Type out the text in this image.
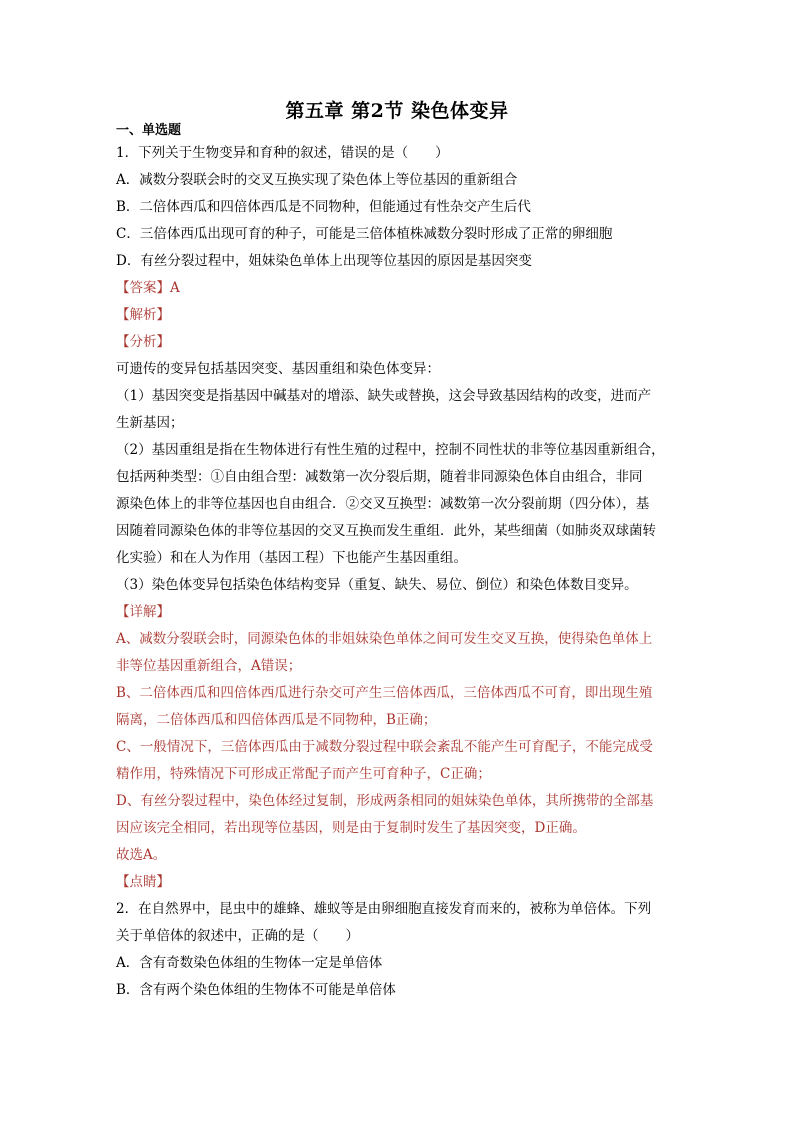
第五章 第2节 染色体变异

一、单选题

1．下列关于生物变异和育种的叙述，错误的是（　　）

A．减数分裂联会时的交叉互换实现了染色体上等位基因的重新组合

B．二倍体西瓜和四倍体西瓜是不同物种，但能通过有性杂交产生后代

C．三倍体西瓜出现可育的种子，可能是三倍体植株减数分裂时形成了正常的卵细胞

D．有丝分裂过程中，姐妹染色单体上出现等位基因的原因是基因突变

【答案】A

【解析】

【分析】

可遗传的变异包括基因突变、基因重组和染色体变异：

（1）基因突变是指基因中碱基对的增添、缺失或替换，这会导致基因结构的改变，进而产

生新基因；

（2）基因重组是指在生物体进行有性生殖的过程中，控制不同性状的非等位基因重新组合，

包括两种类型：①自由组合型：减数第一次分裂后期，随着非同源染色体自由组合，非同

源染色体上的非等位基因也自由组合．②交叉互换型：减数第一次分裂前期（四分体），基

因随着同源染色体的非等位基因的交叉互换而发生重组．此外，某些细菌（如肺炎双球菌转

化实验）和在人为作用（基因工程）下也能产生基因重组。

（3）染色体变异包括染色体结构变异（重复、缺失、易位、倒位）和染色体数目变异。

【详解】

A、减数分裂联会时，同源染色体的非姐妹染色单体之间可发生交叉互换，使得染色单体上

非等位基因重新组合，A错误；

B、二倍体西瓜和四倍体西瓜进行杂交可产生三倍体西瓜，三倍体西瓜不可育，即出现生殖

隔离，二倍体西瓜和四倍体西瓜是不同物种，B正确；

C、一般情况下，三倍体西瓜由于减数分裂过程中联会紊乱不能产生可育配子，不能完成受

精作用，特殊情况下可形成正常配子而产生可育种子，C正确；

D、有丝分裂过程中，染色体经过复制，形成两条相同的姐妹染色单体，其所携带的全部基

因应该完全相同，若出现等位基因，则是由于复制时发生了基因突变，D正确。

故选A。

【点睛】

2．在自然界中，昆虫中的雄蜂、雄蚁等是由卵细胞直接发育而来的，被称为单倍体。下列

关于单倍体的叙述中，正确的是（　　）

A．含有奇数染色体组的生物体一定是单倍体

B．含有两个染色体组的生物体不可能是单倍体
